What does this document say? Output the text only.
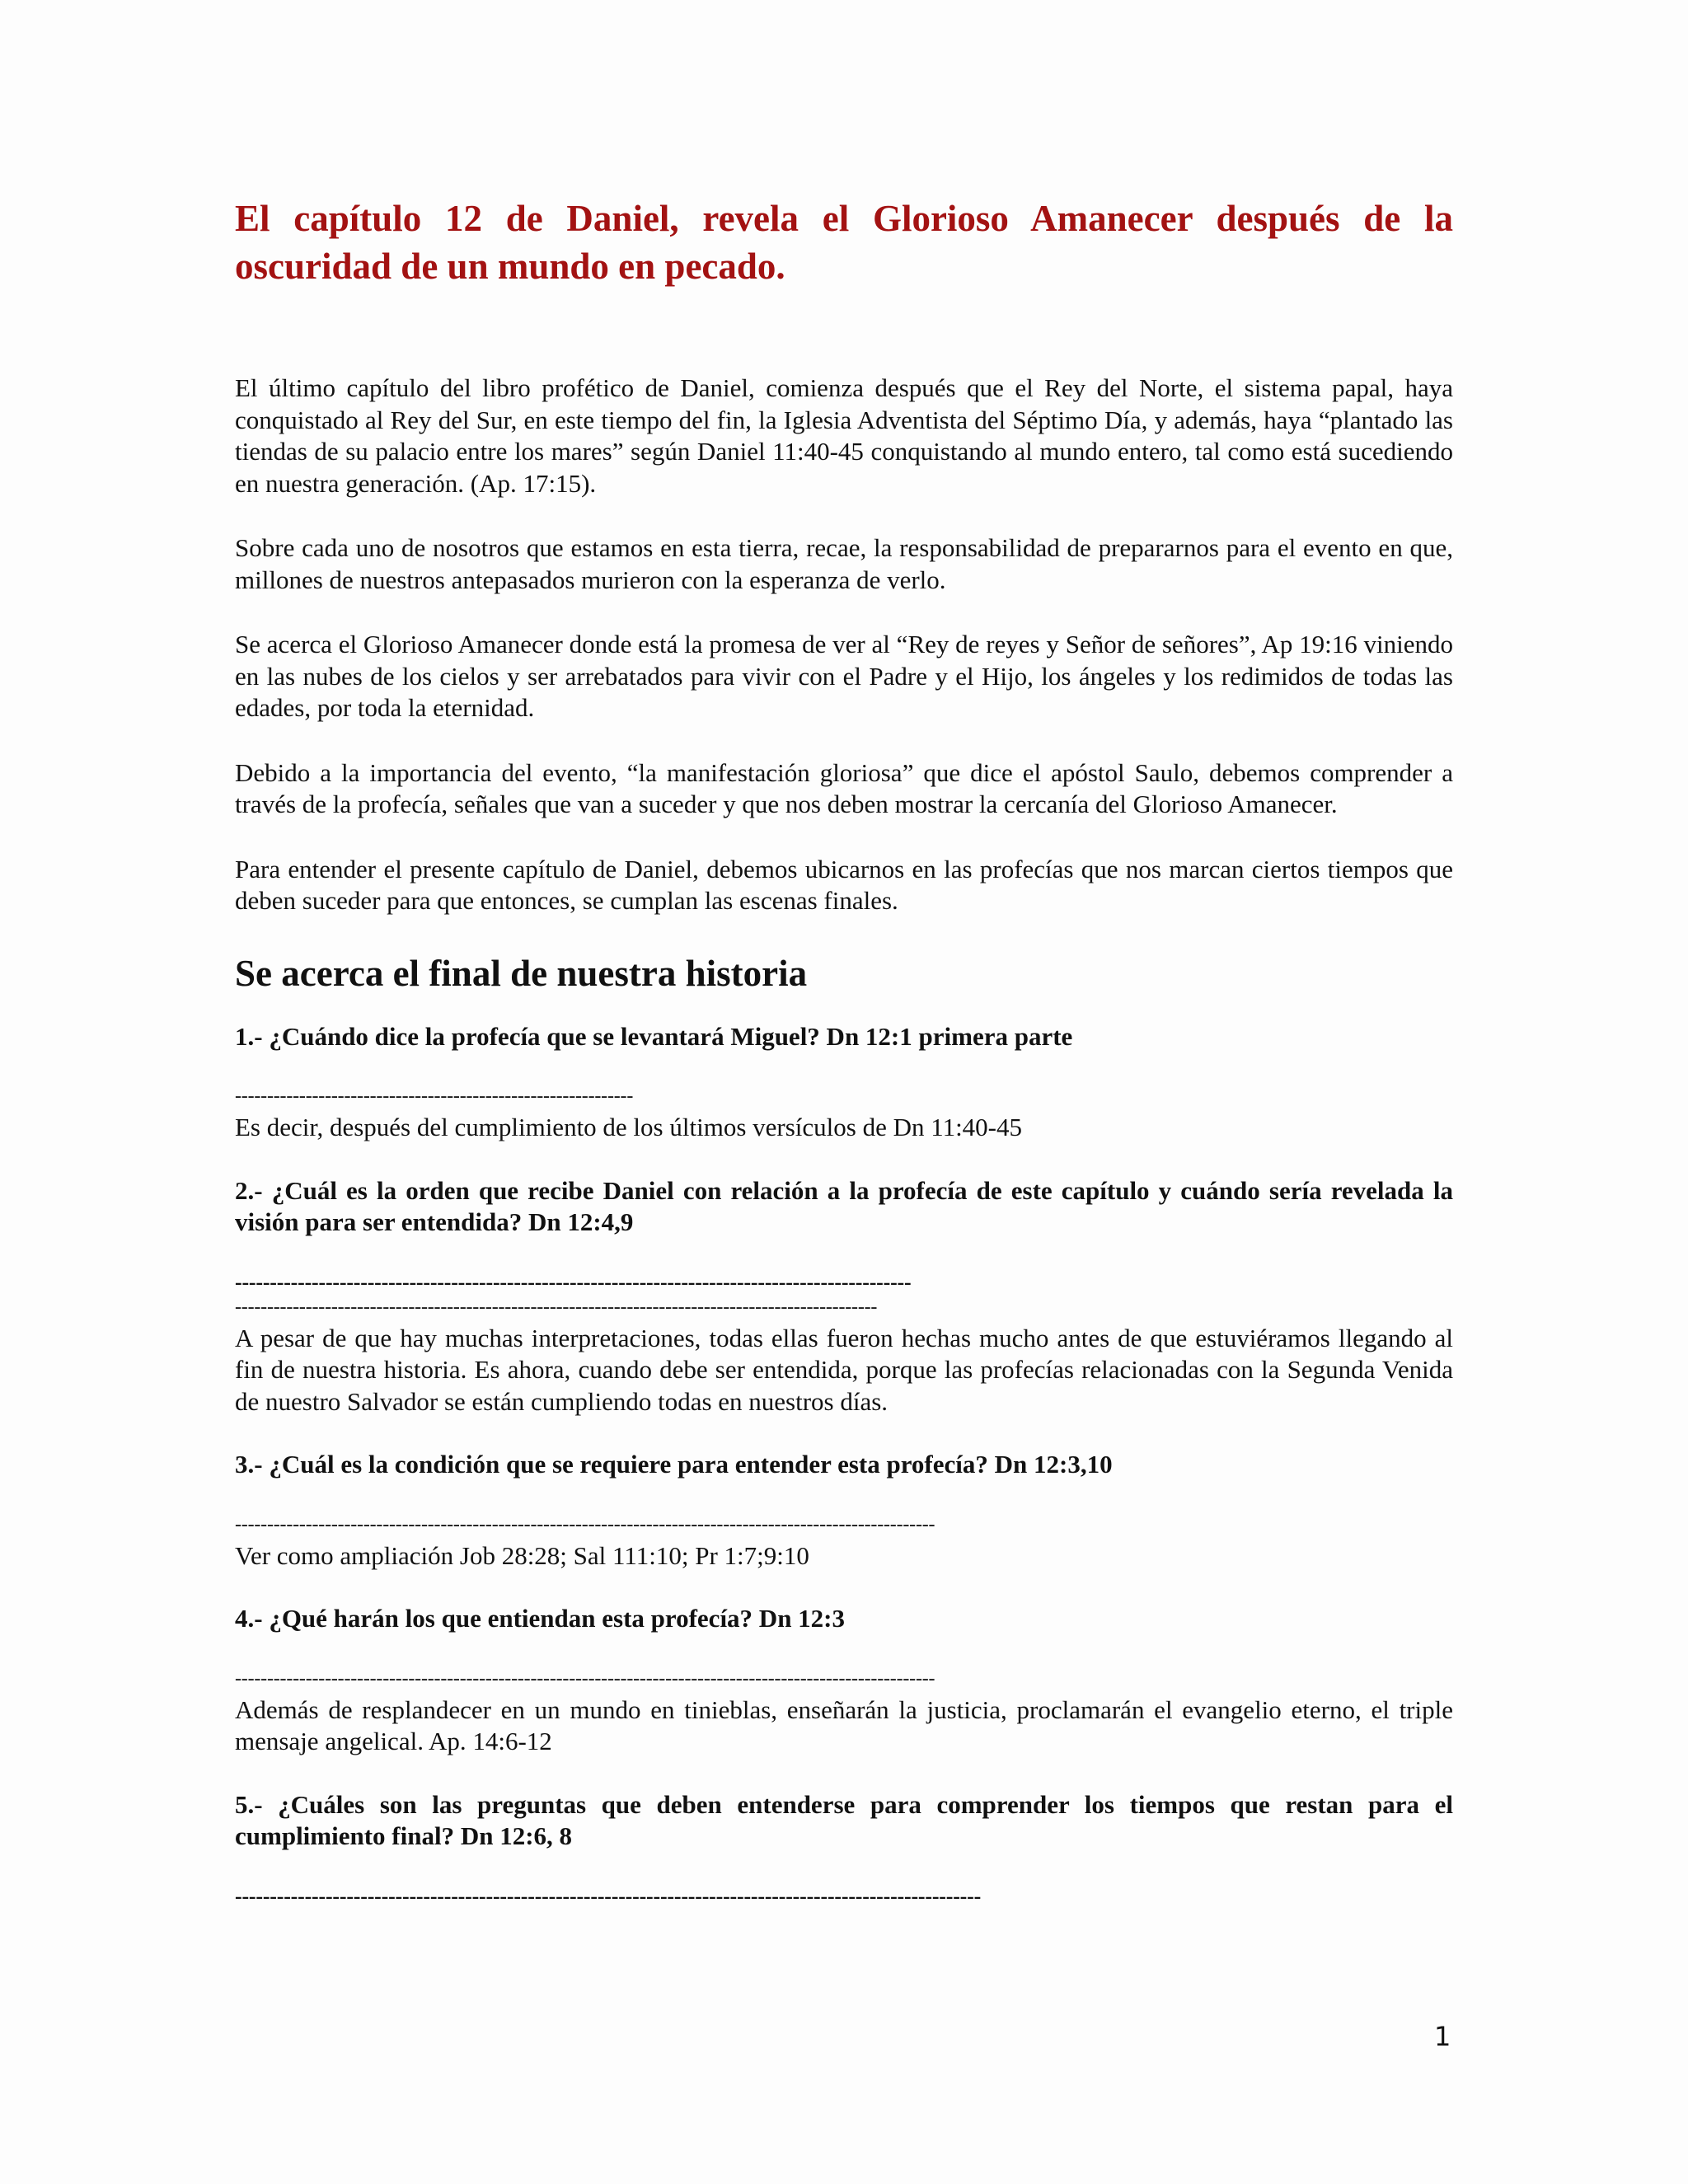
El capítulo 12 de Daniel, revela el Glorioso Amanecer después de la oscuridad de un mundo en pecado.

El último capítulo del libro profético de Daniel, comienza después que el Rey del Norte, el sistema papal, haya conquistado al Rey del Sur, en este tiempo del fin, la Iglesia Adventista del Séptimo Día, y además, haya “plantado las tiendas de su palacio entre los mares” según Daniel 11:40-45 conquistando al mundo entero, tal como está sucediendo en nuestra generación. (Ap. 17:15).

Sobre cada uno de nosotros que estamos en esta tierra, recae, la responsabilidad de prepararnos para el evento en que, millones de nuestros antepasados murieron con la esperanza de verlo.

Se acerca el Glorioso Amanecer donde está la promesa de ver al “Rey de reyes y Señor de señores”, Ap 19:16 viniendo en las nubes de los cielos y ser arrebatados para vivir con el Padre y el Hijo, los ángeles y los redimidos de todas las edades, por toda la eternidad.

Debido a la importancia del evento, “la manifestación gloriosa” que dice el apóstol Saulo, debemos comprender a través de la profecía, señales que van a suceder y que nos deben mostrar la cercanía del Glorioso Amanecer.

Para entender el presente capítulo de Daniel, debemos ubicarnos en las profecías que nos marcan ciertos tiempos que deben suceder para que entonces, se cumplan las escenas finales.

Se acerca el final de nuestra historia

1.- ¿Cuándo dice la profecía que se levantará Miguel? Dn 12:1 primera parte

--------------------------------------------------------------

Es decir, después del cumplimiento de los últimos versículos de Dn 11:40-45

2.- ¿Cuál es la orden que recibe Daniel con relación a la profecía de este capítulo y cuándo sería revelada la visión para ser entendida? Dn 12:4,9

-------------------------------------------------------------------------------------------------

----------------------------------------------------------------------------------------------------

A pesar de que hay muchas interpretaciones, todas ellas fueron hechas mucho antes de que estuviéramos llegando al fin de nuestra historia. Es ahora, cuando debe ser entendida, porque las profecías relacionadas con la Segunda Venida de nuestro Salvador se están cumpliendo todas en nuestros días.

3.- ¿Cuál es la condición que se requiere para entender esta profecía? Dn 12:3,10

-------------------------------------------------------------------------------------------------------------

Ver como ampliación Job 28:28; Sal 111:10; Pr 1:7;9:10

4.- ¿Qué harán los que entiendan esta profecía? Dn 12:3

-------------------------------------------------------------------------------------------------------------

Además de resplandecer en un mundo en tinieblas, enseñarán la justicia, proclamarán el evangelio eterno, el triple mensaje angelical. Ap. 14:6-12

5.- ¿Cuáles son las preguntas que deben entenderse para comprender los tiempos que restan para el cumplimiento final? Dn 12:6, 8

-----------------------------------------------------------------------------------------------------------

1
